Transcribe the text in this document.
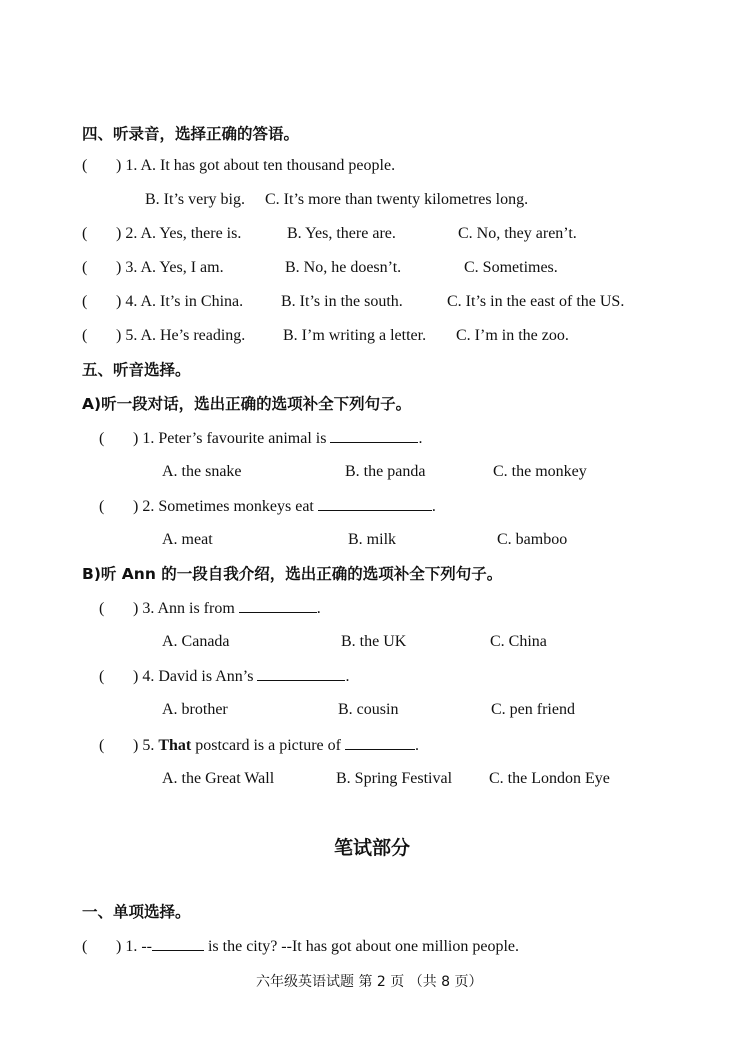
四、听录音，选择正确的答语。
( ) 1. A. It has got about ten thousand people.
B. It’s very big.     C. It’s more than twenty kilometres long.
( ) 2. A. Yes, there is.	B. Yes, there are.	C. No, they aren’t.
( ) 3. A. Yes, I am.	B. No, he doesn’t.	C. Sometimes.
( ) 4. A. It’s in China. B. It’s in the south.	C. It’s in the east of the US.
( ) 5. A. He’s reading. B. I’m writing a letter. C. I’m in the zoo.
五、听音选择。
A)听一段对话，选出正确的选项补全下列句子。
( ) 1. Peter’s favourite animal is	.
A. the snake	B. the panda	C. the monkey
( ) 2. Sometimes monkeys eat	.
A. meat	B. milk	C. bamboo
B)听 Ann 的一段自我介绍，选出正确的选项补全下列句子。
( ) 3. Ann is from	.
A. Canada	B. the UK	C. China
( ) 4. David is Ann’s	.
A. brother	B. cousin	C. pen friend
( ) 5. That postcard is a picture of	.
A. the Great Wall	B. Spring Festival C. the London Eye
笔试部分
一、单项选择。
( ) 1. --	is the city? --It has got about one million people.
六年级英语试题 第 2 页 （共 8 页）
